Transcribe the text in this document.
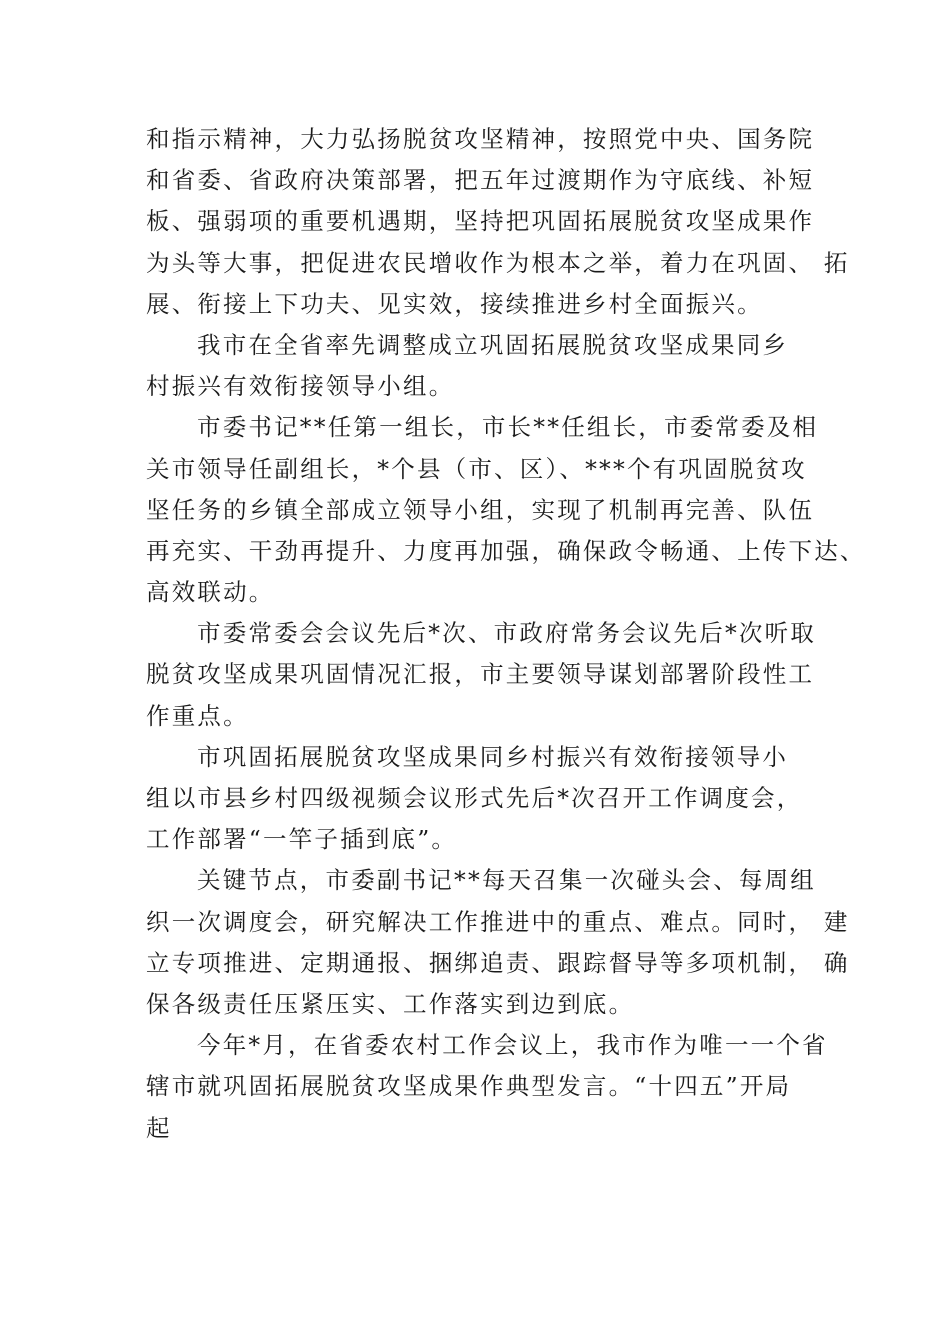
和指示精神，大力弘扬脱贫攻坚精神，按照党中央、国务院
和省委、省政府决策部署，把五年过渡期作为守底线、补短
板、强弱项的重要机遇期，坚持把巩固拓展脱贫攻坚成果作
为头等大事，把促进农民增收作为根本之举，着力在巩固、 拓
展、衔接上下功夫、见实效，接续推进乡村全面振兴。
我市在全省率先调整成立巩固拓展脱贫攻坚成果同乡
村振兴有效衔接领导小组。
市委书记**任第一组长，市长**任组长，市委常委及相
关市领导任副组长，*个县（市、区）、***个有巩固脱贫攻
坚任务的乡镇全部成立领导小组，实现了机制再完善、队伍
再充实、干劲再提升、力度再加强，确保政令畅通、上传下达、
高效联动。
市委常委会会议先后*次、市政府常务会议先后*次听取
脱贫攻坚成果巩固情况汇报，市主要领导谋划部署阶段性工
作重点。
市巩固拓展脱贫攻坚成果同乡村振兴有效衔接领导小
组以市县乡村四级视频会议形式先后*次召开工作调度会，
工作部署“一竿子插到底”。
关键节点，市委副书记**每天召集一次碰头会、每周组
织一次调度会，研究解决工作推进中的重点、难点。同时， 建
立专项推进、定期通报、捆绑追责、跟踪督导等多项机制， 确
保各级责任压紧压实、工作落实到边到底。
今年*月，在省委农村工作会议上，我市作为唯一一个省
辖市就巩固拓展脱贫攻坚成果作典型发言。“十四五”开局
起
